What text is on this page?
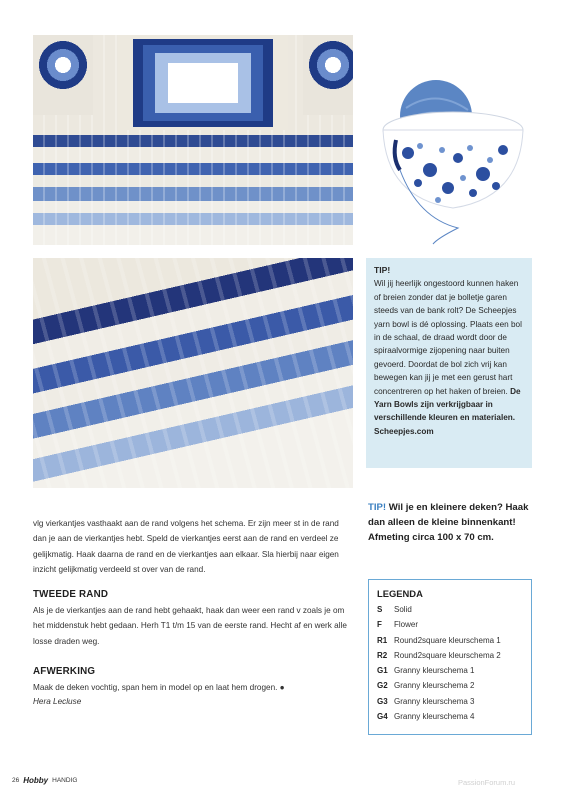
TIP!
Wil jij heerlijk ongestoord kunnen haken of breien zonder dat je bolletje garen steeds van de bank rolt? De Scheepjes yarn bowl is dé oplossing. Plaats een bol in de schaal, de draad wordt door de spiraalvormige zijopening naar buiten gevoerd. Doordat de bol zich vrij kan bewegen kan jij je met een gerust hart concentreren op het haken of breien. De Yarn Bowls zijn verkrijgbaar in verschillende kleuren en materialen. Scheepjes.com
vlg vierkantjes vasthaakt aan de rand volgens het schema. Er zijn meer st in de rand dan je aan de vierkantjes hebt. Speld de vierkantjes eerst aan de rand en verdeel ze gelijkmatig. Haak daarna de rand en de vierkantjes aan elkaar. Sla hierbij naar eigen inzicht gelijkmatig verdeeld st over van de rand.
TWEEDE RAND
Als je de vierkantjes aan de rand hebt gehaakt, haak dan weer een rand v zoals je om het middenstuk hebt gedaan. Herh T1 t/m 15 van de eerste rand. Hecht af en werk alle losse draden weg.
AFWERKING
Maak de deken vochtig, span hem in model op en laat hem drogen. ●
Hera Lecluse
TIP! Wil je en kleinere deken? Haak dan alleen de kleine binnenkant! Afmeting circa 100 x 70 cm.
LEGENDA
S	Solid
F	Flower
R1 Round2square kleurschema 1
R2 Round2square kleurschema 2
G1 Granny kleurschema 1
G2 Granny kleurschema 2
G3 Granny kleurschema 3
G4 Granny kleurschema 4
26 Hobby HANDIG	PassionForum.ru
